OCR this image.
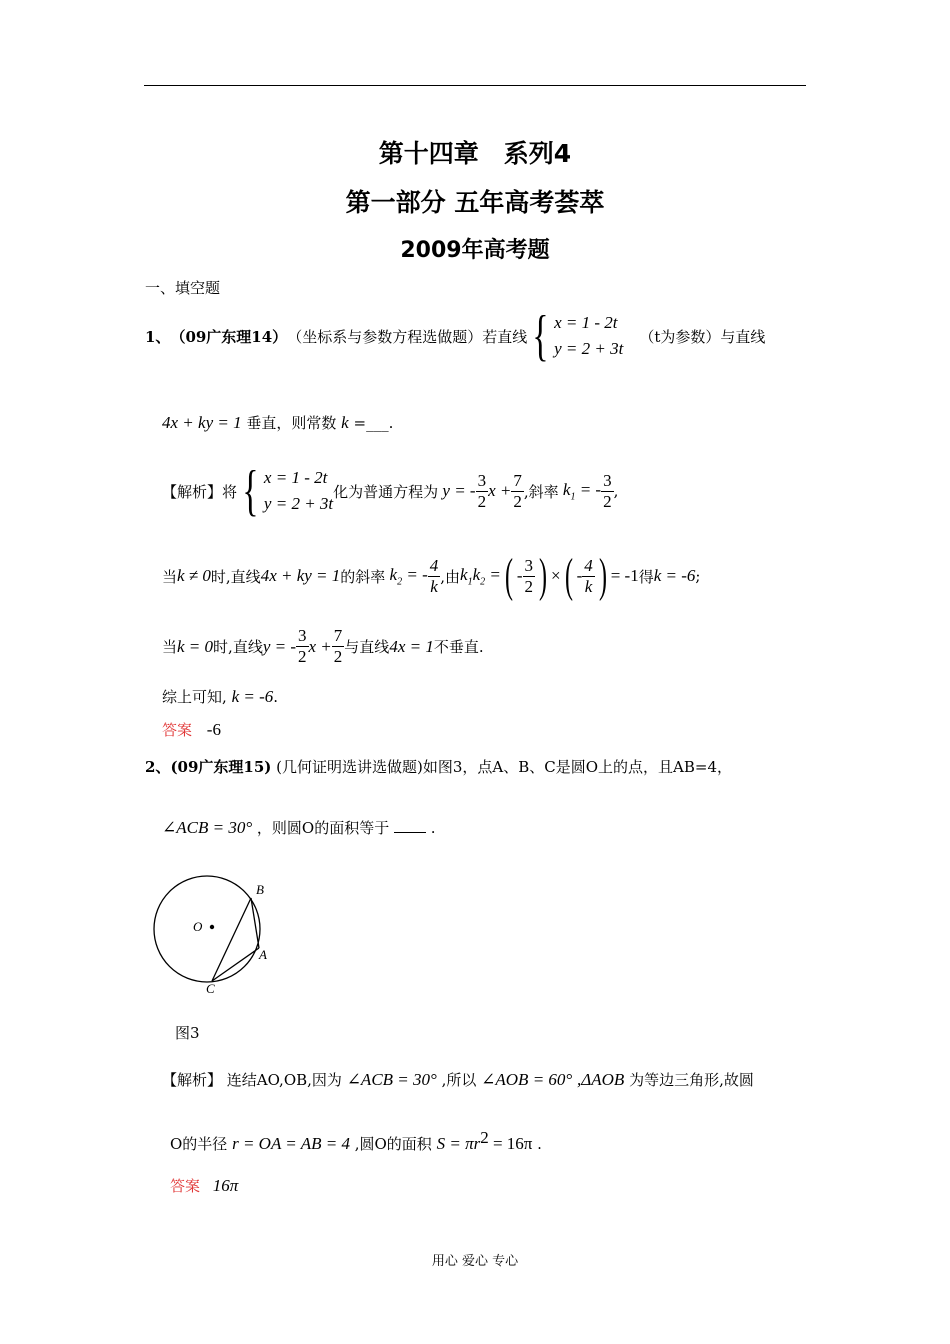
第十四章　系列4
第一部分 五年高考荟萃
2009年高考题
一、填空题
1、 （09广东理14） （坐标系与参数方程选做题）若直线 { x = 1 - 2t
y = 2 + 3t
（t为参数）与直线
4x + ky = 1 垂直，则常数 k =___.
【解析】 将 { x = 1 - 2t
y = 2 + 3t
化为普通方程为 y = - $\frac{3}{2}$ $x + \frac{7}{2}$ ,斜率 $k_1$ = - $\frac{3}{2}$ ,
当 k ≠ 0 时,直线 4x + ky = 1 的斜率 $k_2$ = - $\frac{4}{k}$ ,由 $k_1k_2$ = ( - $\frac{3}{2}$ ) × ( - $\frac{4}{k}$ ) = -1 得 k = -6 ;
当 k = 0 时,直线 y = - $\frac{3}{2}$ $x + \frac{7}{2}$ 与直线 4x = 1 不垂直.
综上可知, k = -6.
答案 -6
2、(09广东理15) (几何证明选讲选做题)如图3，点A、B、C是圆O上的点，且AB=4，
∠ACB = 30° ，则圆O的面积等于	.
O
B
A
C
图3
【解析】 连结AO,OB,因为 ∠ACB = 30° ,所以 ∠AOB = 60° ,ΔAOB 为等边三角形,故圆
O的半径 r = OA = AB = 4 ,圆O的面积 $S = \pi r^2 = 16\pi$ .
答案 16π
用心 爱心 专心
